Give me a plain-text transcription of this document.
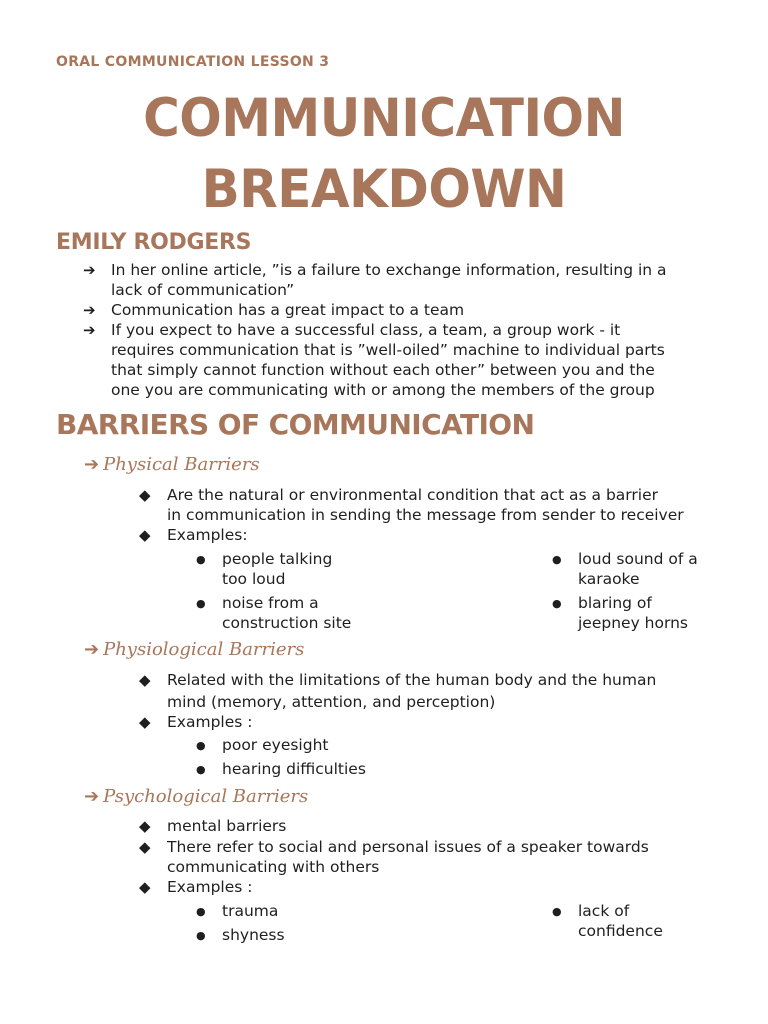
ORAL COMMUNICATION LESSON 3
COMMUNICATION
BREAKDOWN
EMILY RODGERS
➔ In her online article, ”is a failure to exchange information, resulting in a
lack of communication”
➔ Communication has a great impact to a team
➔ If you expect to have a successful class, a team, a group work - it
requires communication that is ”well-oiled” machine to individual parts
that simply cannot function without each other” between you and the
one you are communicating with or among the members of the group
BARRIERS OF COMMUNICATION
➔ Physical Barriers
◆ Are the natural or environmental condition that act as a barrier
in communication in sending the message from sender to receiver
◆ Examples:
● people talking
too loud
● noise from a
construction site
● loud sound of a
karaoke
● blaring of
jeepney horns
➔ Physiological Barriers
◆ Related with the limitations of the human body and the human
mind (memory, attention, and perception)
◆ Examples :
● poor eyesight
● hearing difficulties
➔ Psychological Barriers
◆ mental barriers
◆ There refer to social and personal issues of a speaker towards
communicating with others
◆ Examples :
● trauma
● shyness
● lack of
confidence
